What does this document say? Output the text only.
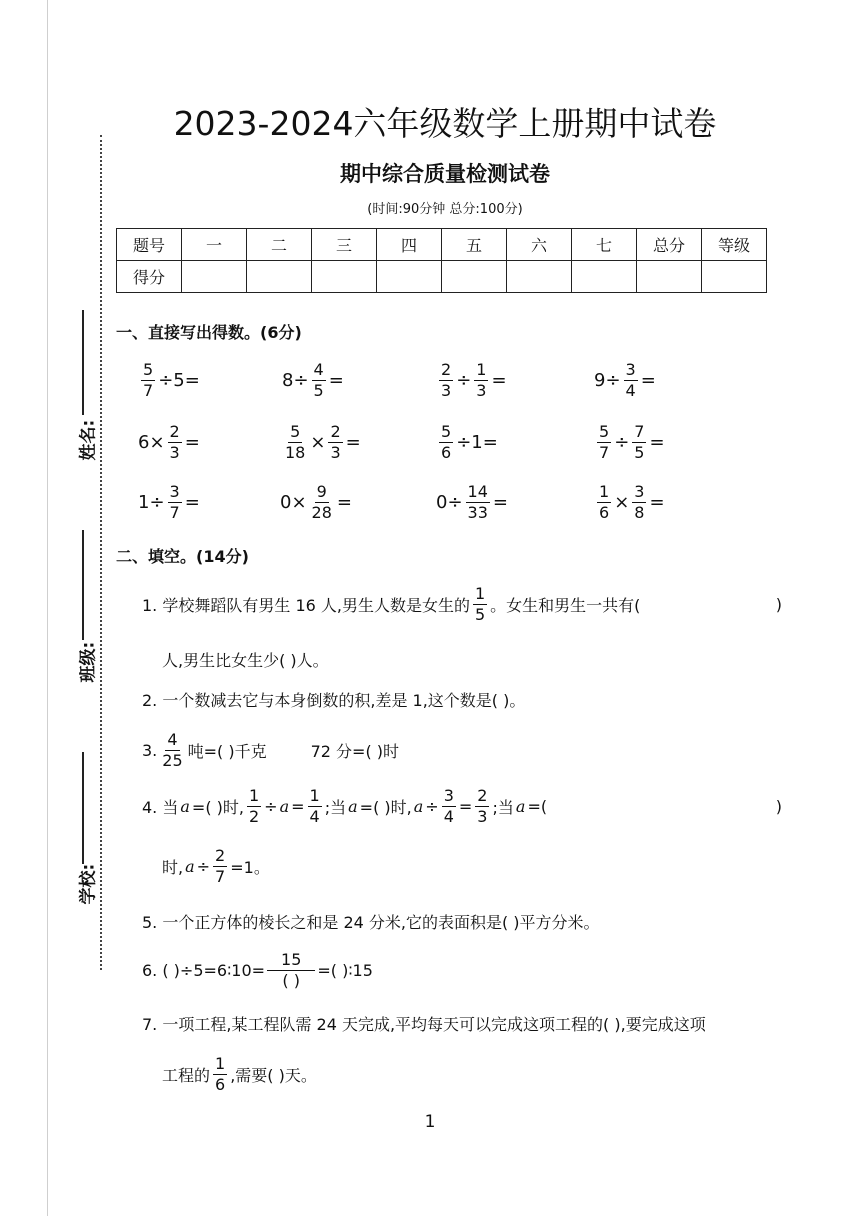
姓名:
班级:
学校:
2023-2024六年级数学上册期中试卷
期中综合质量检测试卷
(时间:90分钟 总分:100分)
题号	一	二	三	四	五	六	七	总分	等级
得分									
一、直接写出得数。(6分)
$\frac{5}{7} \div 5=$	$8\div \frac{4}{5}$ =	$\frac{2}{3} \div \frac{1}{3}$ =	$9\div \frac{3}{4}$ =
$6\times \frac{2}{3}$ =	$\frac{5}{18} \times \frac{2}{3}$ =	$\frac{5}{6} \div 1=$	$\frac{5}{7} \div \frac{7}{5}$ =
$1\div \frac{3}{7}$ =	$0\times \frac{9}{28}$ =	$0\div \frac{14}{33}$ =	$\frac{1}{6} \times \frac{3}{8}$ =
二、填空。(14分)
1. 学校舞蹈队有男生 16 人,男生人数是女生的 $\frac{1}{5}$ 。女生和男生一共有(	)
人,男生比女生少( )人。
2. 一个数减去它与本身倒数的积,差是 1,这个数是( )。
3. $\frac{4}{25}$ 吨=( )千克	72 分=( )时
4. 当 a =( )时, $\frac{1}{2} \div a = \frac{1}{4}$ ;当 a =( )时, $a \div \frac{3}{4} = \frac{2}{3}$ ;当 a =(	)
时, $a \div \frac{2}{7} =1$。
5. 一个正方体的棱长之和是 24 分米,它的表面积是( )平方分米。
6. ( )÷5=6∶10= $\frac{15}{( )}$ =( )∶15
7. 一项工程,某工程队需 24 天完成,平均每天可以完成这项工程的( ),要完成这项
工程的 $\frac{1}{6}$ ,需要( )天。
1
